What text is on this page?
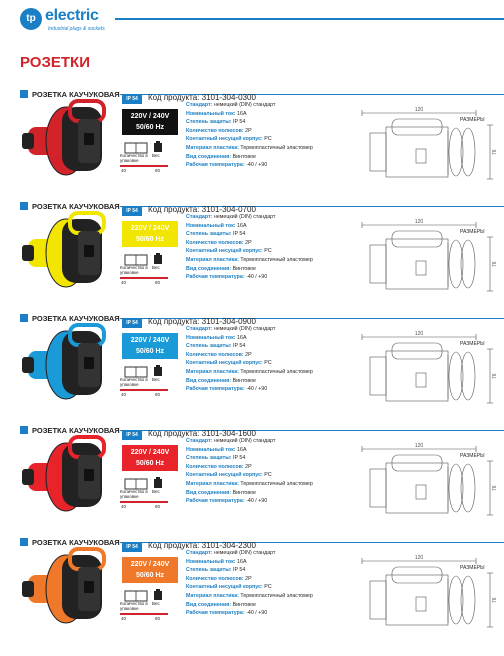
tp electric
Industrial plugs & sockets
РОЗЕТКИ
РОЗЕТКА КАУЧУКОВАЯ
IP 54	Код продукта: 3101-304-0300
220V / 240V
50/60 Hz
Количество в упаковке
Вес
40	60
Стандарт: немецкий (DIN) стандарт
Номинальный ток: 16A
Степень защиты: IP 54
Количество полюсов: 2P
Контактный несущей корпус: PC
Материал пластика: Термопластичный эластомер
Вид соединения: Винтовое
Рабочая температура: -40 / +90
РАЗМЕРЫ
120
76
РОЗЕТКА КАУЧУКОВАЯ
IP 54	Код продукта: 3101-304-0700
220V / 240V
50/60 Hz
Количество в упаковке
Вес
40	60
Стандарт: немецкий (DIN) стандарт
Номинальный ток: 16A
Степень защиты: IP 54
Количество полюсов: 2P
Контактный несущей корпус: PC
Материал пластика: Термопластичный эластомер
Вид соединения: Винтовое
Рабочая температура: -40 / +90
РАЗМЕРЫ
120
76
РОЗЕТКА КАУЧУКОВАЯ
IP 54	Код продукта: 3101-304-0900
220V / 240V
50/60 Hz
Количество в упаковке
Вес
40	60
Стандарт: немецкий (DIN) стандарт
Номинальный ток: 16A
Степень защиты: IP 54
Количество полюсов: 2P
Контактный несущей корпус: PC
Материал пластика: Термопластичный эластомер
Вид соединения: Винтовое
Рабочая температура: -40 / +90
РАЗМЕРЫ
120
76
РОЗЕТКА КАУЧУКОВАЯ
IP 54	Код продукта: 3101-304-1600
220V / 240V
50/60 Hz
Количество в упаковке
Вес
40	60
Стандарт: немецкий (DIN) стандарт
Номинальный ток: 16A
Степень защиты: IP 54
Количество полюсов: 2P
Контактный несущей корпус: PC
Материал пластика: Термопластичный эластомер
Вид соединения: Винтовое
Рабочая температура: -40 / +90
РАЗМЕРЫ
120
76
РОЗЕТКА КАУЧУКОВАЯ
IP 54	Код продукта: 3101-304-2300
220V / 240V
50/60 Hz
Количество в упаковке
Вес
40	60
Стандарт: немецкий (DIN) стандарт
Номинальный ток: 16A
Степень защиты: IP 54
Количество полюсов: 2P
Контактный несущей корпус: PC
Материал пластика: Термопластичный эластомер
Вид соединения: Винтовое
Рабочая температура: -40 / +90
РАЗМЕРЫ
120
76
